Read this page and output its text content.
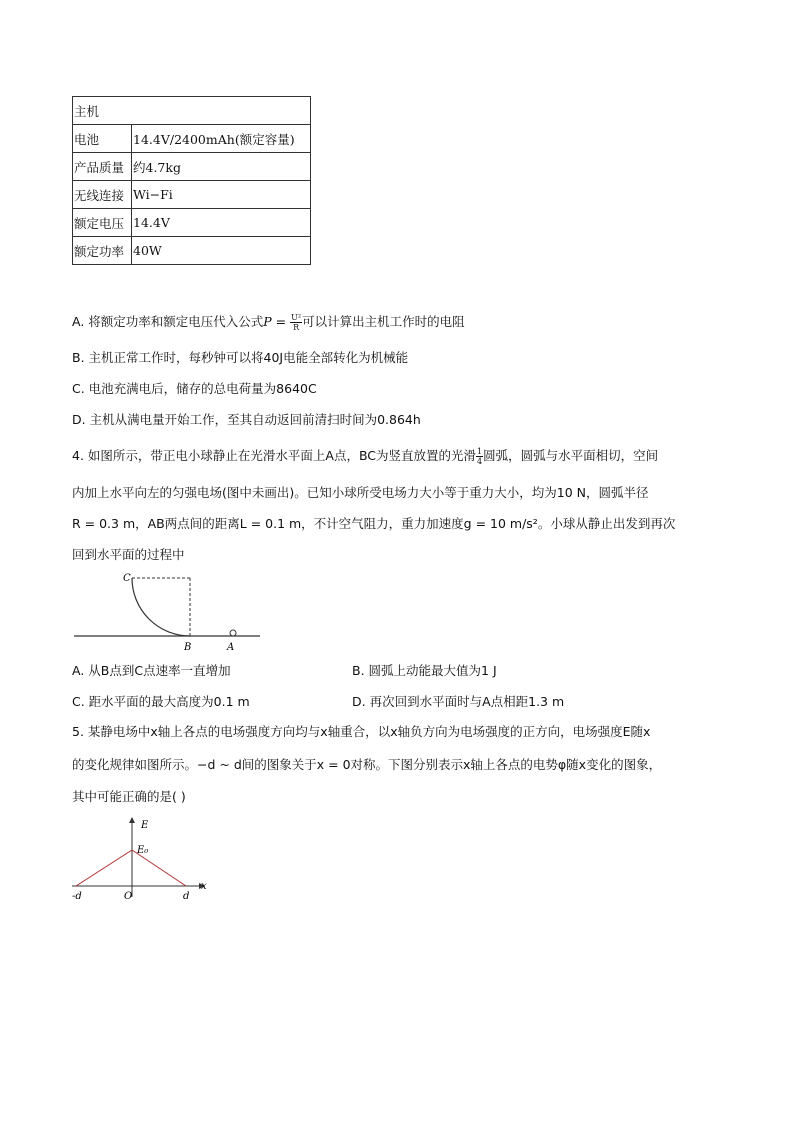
主机	
电池	14.4V/2400mAh(额定容量)
产品质量	约4.7kg
无线连接	Wi−Fi
额定电压	14.4V
额定功率	40W
A. 将额定功率和额定电压代入公式$P = \frac{\text{U²}}{R}$ 可以计算出主机工作时的电阻
B. 主机正常工作时，每秒钟可以将40J电能全部转化为机械能
C. 电池充满电后，储存的总电荷量为8640C
D. 主机从满电量开始工作，至其自动返回前清扫时间为0.864h
4. 如图所示，带正电小球静止在光滑水平面上A点，BC为竖直放置的光滑 $\frac{1}{4}$ 圆弧，圆弧与水平面相切，空间
内加上水平向左的匀强电场(图中未画出)。已知小球所受电场力大小等于重力大小，均为10 N，圆弧半径
R = 0.3 m，AB两点间的距离L = 0.1 m，不计空气阻力，重力加速度g = 10 m/s²。小球从静止出发到再次
回到水平面的过程中
C
B	A
A. 从B点到C点速率一直增加	B. 圆弧上动能最大值为1 J
C. 距水平面的最大高度为0.1 m	D. 再次回到水平面时与A点相距1.3 m
5. 某静电场中x轴上各点的电场强度方向均与x轴重合，以x轴负方向为电场强度的正方向，电场强度E随x
的变化规律如图所示。−d ~ d间的图象关于x = 0对称。下图分别表示x轴上各点的电势φ随x变化的图象，
其中可能正确的是( )
E
x
E₀
-d	O	d
